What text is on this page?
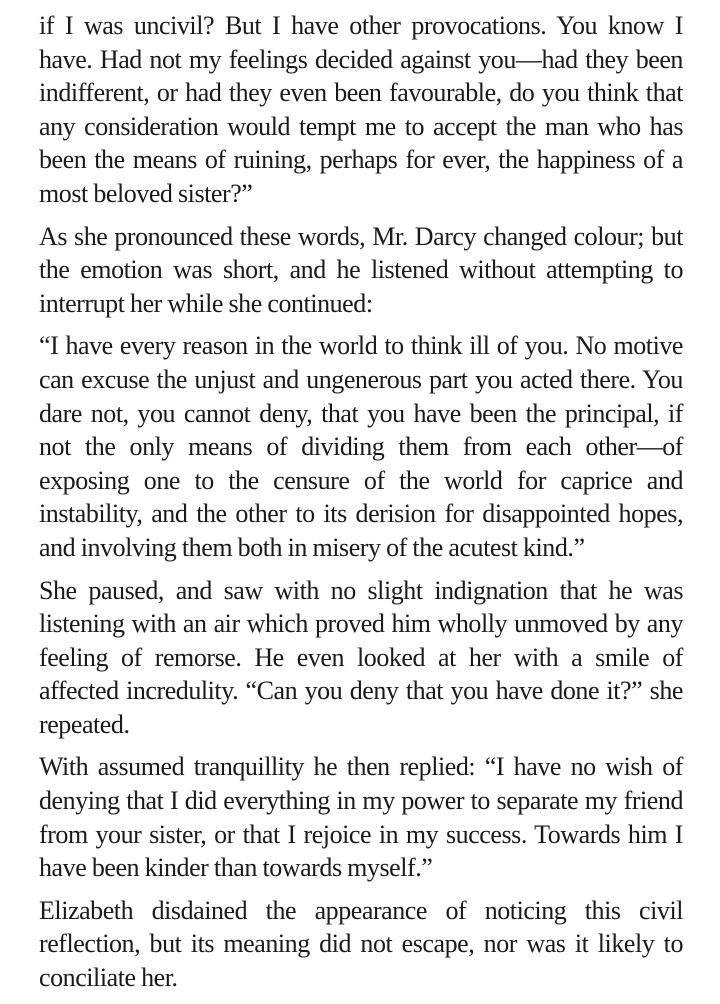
if I was uncivil? But I have other provocations. You know I have. Had not my feelings decided against you—had they been indifferent, or had they even been favourable, do you think that any consideration would tempt me to accept the man who has been the means of ruining, perhaps for ever, the happiness of a most beloved sister?”

As she pronounced these words, Mr. Darcy changed colour; but the emotion was short, and he listened without attempting to interrupt her while she continued:

“I have every reason in the world to think ill of you. No motive can excuse the unjust and ungenerous part you acted there. You dare not, you cannot deny, that you have been the principal, if not the only means of dividing them from each other—of exposing one to the censure of the world for caprice and instability, and the other to its derision for disappointed hopes, and involving them both in misery of the acutest kind.”

She paused, and saw with no slight indignation that he was listening with an air which proved him wholly unmoved by any feeling of remorse. He even looked at her with a smile of affected incredulity. “Can you deny that you have done it?” she repeated.

With assumed tranquillity he then replied: “I have no wish of denying that I did everything in my power to separate my friend from your sister, or that I rejoice in my success. Towards him I have been kinder than towards myself.”

Elizabeth disdained the appearance of noticing this civil reflection, but its meaning did not escape, nor was it likely to conciliate her.
